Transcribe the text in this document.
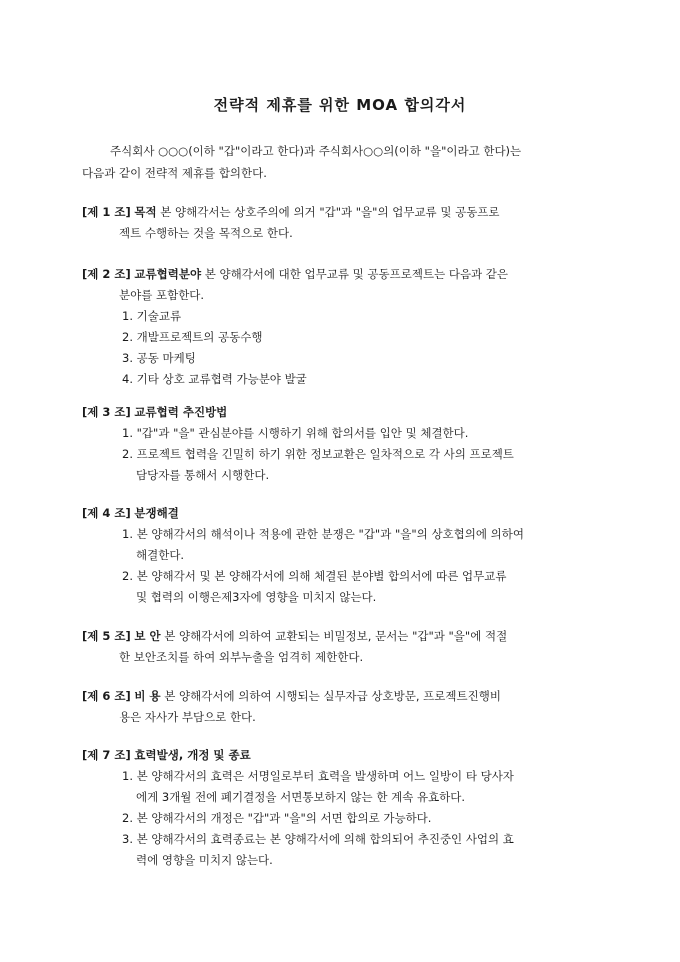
전략적 제휴를 위한 MOA 합의각서
주식회사 ○○○(이하 "갑"이라고 한다)과 주식회사○○의(이하 "을"이라고 한다)는
다음과 같이 전략적 제휴를 합의한다.
[제 1 조] 목적 본 양해각서는 상호주의에 의거 "갑"과 "을"의 업무교류 및 공동프로
젝트 수행하는 것을 목적으로 한다.
[제 2 조] 교류협력분야 본 양해각서에 대한 업무교류 및 공동프로젝트는 다음과 같은
분야를 포함한다.
1. 기술교류
2. 개발프로젝트의 공동수행
3. 공동 마케팅
4. 기타 상호 교류협력 가능분야 발굴
[제 3 조] 교류협력 추진방법
1. "갑"과 "을" 관심분야를 시행하기 위해 합의서를 입안 및 체결한다.
2. 프로젝트 협력을 긴밀히 하기 위한 정보교환은 일차적으로 각 사의 프로젝트
담당자를 통해서 시행한다.
[제 4 조] 분쟁해결
1. 본 양해각서의 해석이나 적용에 관한 분쟁은 "갑"과 "을"의 상호협의에 의하여
해결한다.
2. 본 양해각서 및 본 양해각서에 의해 체결된 분야별 합의서에 따른 업무교류
및 협력의 이행은제3자에 영향을 미치지 않는다.
[제 5 조] 보 안 본 양해각서에 의하여 교환되는 비밀정보, 문서는 "갑"과 "을"에 적절
한 보안조치를 하여 외부누출을 엄격히 제한한다.
[제 6 조] 비 용 본 양해각서에 의하여 시행되는 실무자급 상호방문, 프로젝트진행비
용은 자사가 부담으로 한다.
[제 7 조] 효력발생, 개정 및 종료
1. 본 양해각서의 효력은 서명일로부터 효력을 발생하며 어느 일방이 타 당사자
에게 3개월 전에 폐기결정을 서면통보하지 않는 한 계속 유효하다.
2. 본 양해각서의 개정은 "갑"과 "을"의 서면 합의로 가능하다.
3. 본 양해각서의 효력종료는 본 양해각서에 의해 합의되어 추진중인 사업의 효
력에 영향을 미치지 않는다.
